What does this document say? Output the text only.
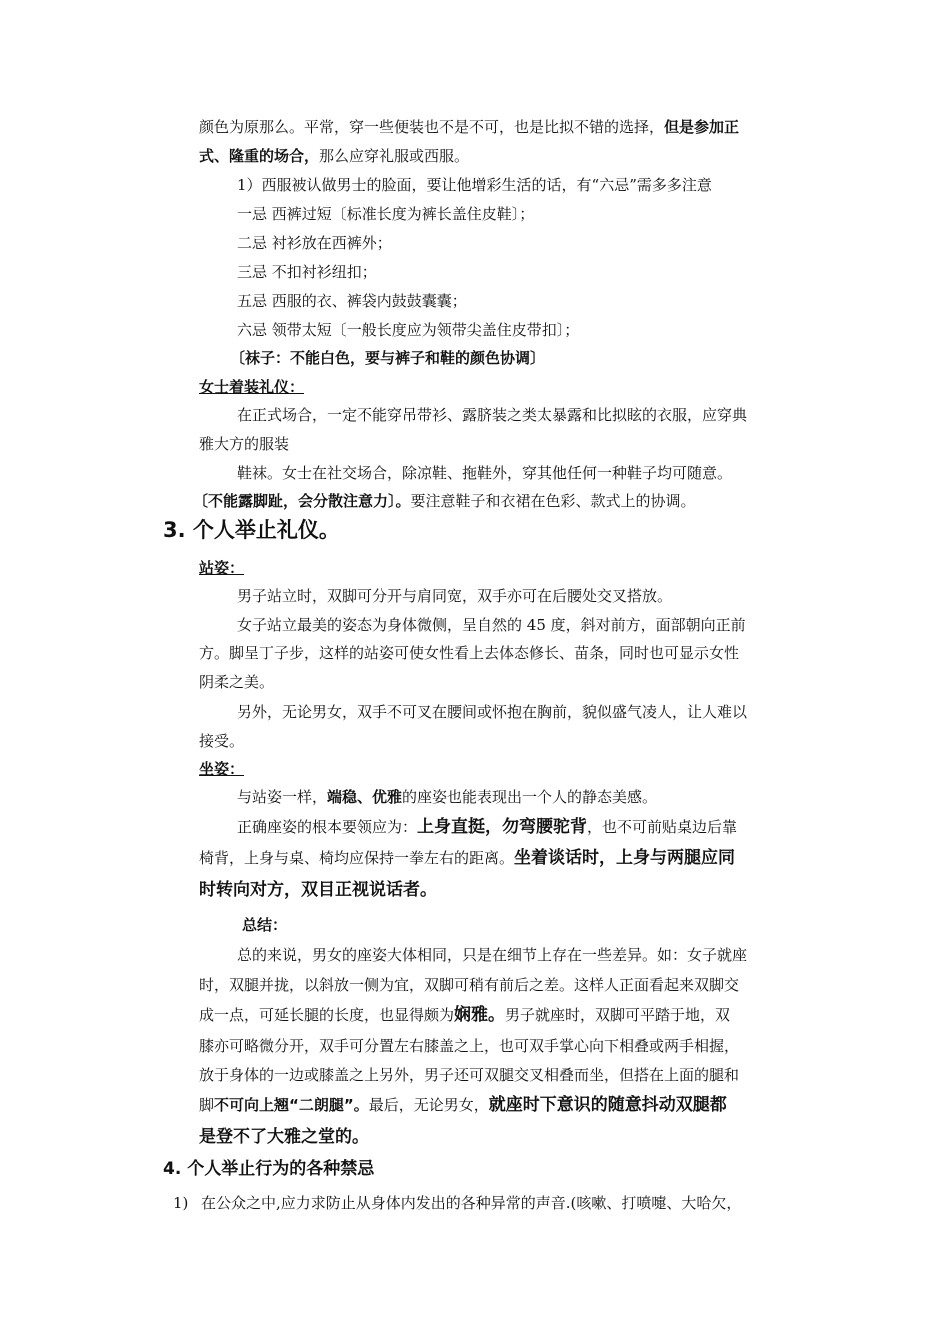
颜色为原那么。平常，穿一些便装也不是不可，也是比拟不错的选择，但是参加正
式、隆重的场合，那么应穿礼服或西服。
1）西服被认做男士的脸面，要让他增彩生活的话，有“六忌”需多多注意
一忌 西裤过短〔标准长度为裤长盖住皮鞋〕；
二忌 衬衫放在西裤外；
三忌 不扣衬衫纽扣；
五忌 西服的衣、裤袋内鼓鼓囊囊；
六忌 领带太短〔一般长度应为领带尖盖住皮带扣〕；
〔袜子：不能白色，要与裤子和鞋的颜色协调〕
女士着装礼仪：
在正式场合，一定不能穿吊带衫、露脐装之类太暴露和比拟眩的衣服，应穿典
雅大方的服装
鞋袜。女士在社交场合，除凉鞋、拖鞋外，穿其他任何一种鞋子均可随意。
〔不能露脚趾，会分散注意力〕。要注意鞋子和衣裙在色彩、款式上的协调。
3. 个人举止礼仪。
站姿：
男子站立时，双脚可分开与肩同宽，双手亦可在后腰处交叉搭放。
女子站立最美的姿态为身体微侧，呈自然的 45 度，斜对前方，面部朝向正前
方。脚呈丁子步，这样的站姿可使女性看上去体态修长、苗条，同时也可显示女性
阴柔之美。
另外，无论男女，双手不可叉在腰间或怀抱在胸前，貌似盛气凌人，让人难以
接受。
坐姿：
与站姿一样，端稳、优雅的座姿也能表现出一个人的静态美感。
正确座姿的根本要领应为：上身直挺，勿弯腰驼背，也不可前贴桌边后靠
椅背，上身与桌、椅均应保持一拳左右的距离。坐着谈话时，上身与两腿应同
时转向对方，双目正视说话者。
总结：
总的来说，男女的座姿大体相同，只是在细节上存在一些差异。如：女子就座
时，双腿并拢，以斜放一侧为宜，双脚可稍有前后之差。这样人正面看起来双脚交
成一点，可延长腿的长度，也显得颇为娴雅。男子就座时，双脚可平踏于地，双
膝亦可略微分开，双手可分置左右膝盖之上，也可双手掌心向下相叠或两手相握，
放于身体的一边或膝盖之上另外，男子还可双腿交叉相叠而坐，但搭在上面的腿和
脚不可向上翘“二朗腿”。最后，无论男女，就座时下意识的随意抖动双腿都
是登不了大雅之堂的。
4. 个人举止行为的各种禁忌
1) 在公众之中,应力求防止从身体内发出的各种异常的声音.(咳嗽、打喷嚏、大哈欠，
